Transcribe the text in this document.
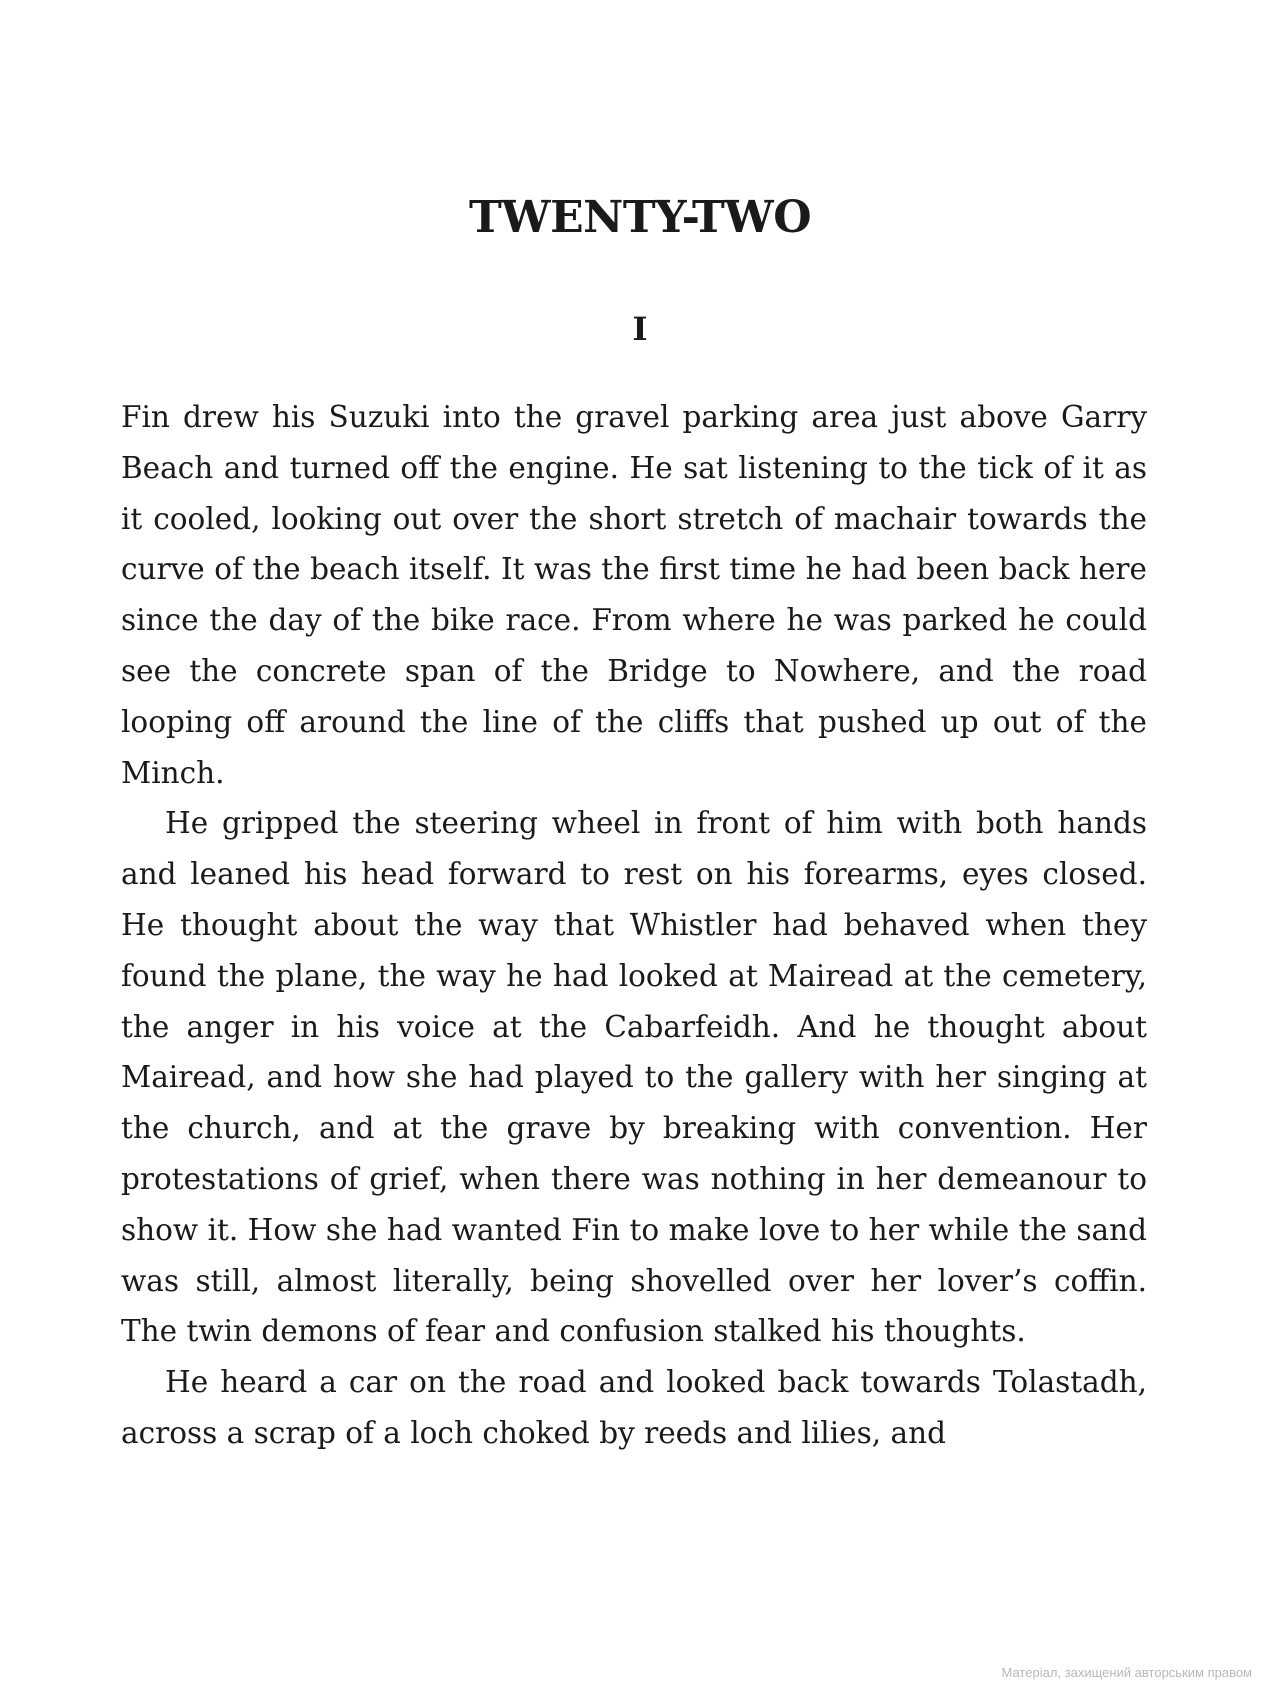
TWENTY-TWO
I

Fin drew his Suzuki into the gravel parking area just above Garry Beach and turned off the engine. He sat listening to the tick of it as it cooled, looking out over the short stretch of machair towards the curve of the beach itself. It was the first time he had been back here since the day of the bike race. From where he was parked he could see the concrete span of the Bridge to Nowhere, and the road looping off around the line of the cliffs that pushed up out of the Minch.

He gripped the steering wheel in front of him with both hands and leaned his head forward to rest on his forearms, eyes closed. He thought about the way that Whistler had behaved when they found the plane, the way he had looked at Mairead at the cemetery, the anger in his voice at the Cabarfeidh. And he thought about Mairead, and how she had played to the gallery with her singing at the church, and at the grave by breaking with convention. Her protestations of grief, when there was nothing in her demeanour to show it. How she had wanted Fin to make love to her while the sand was still, almost literally, being shovelled over her lover’s coffin. The twin demons of fear and confusion stalked his thoughts.

He heard a car on the road and looked back towards Tolastadh, across a scrap of a loch choked by reeds and lilies, and

Матеріал, захищений авторським правом
